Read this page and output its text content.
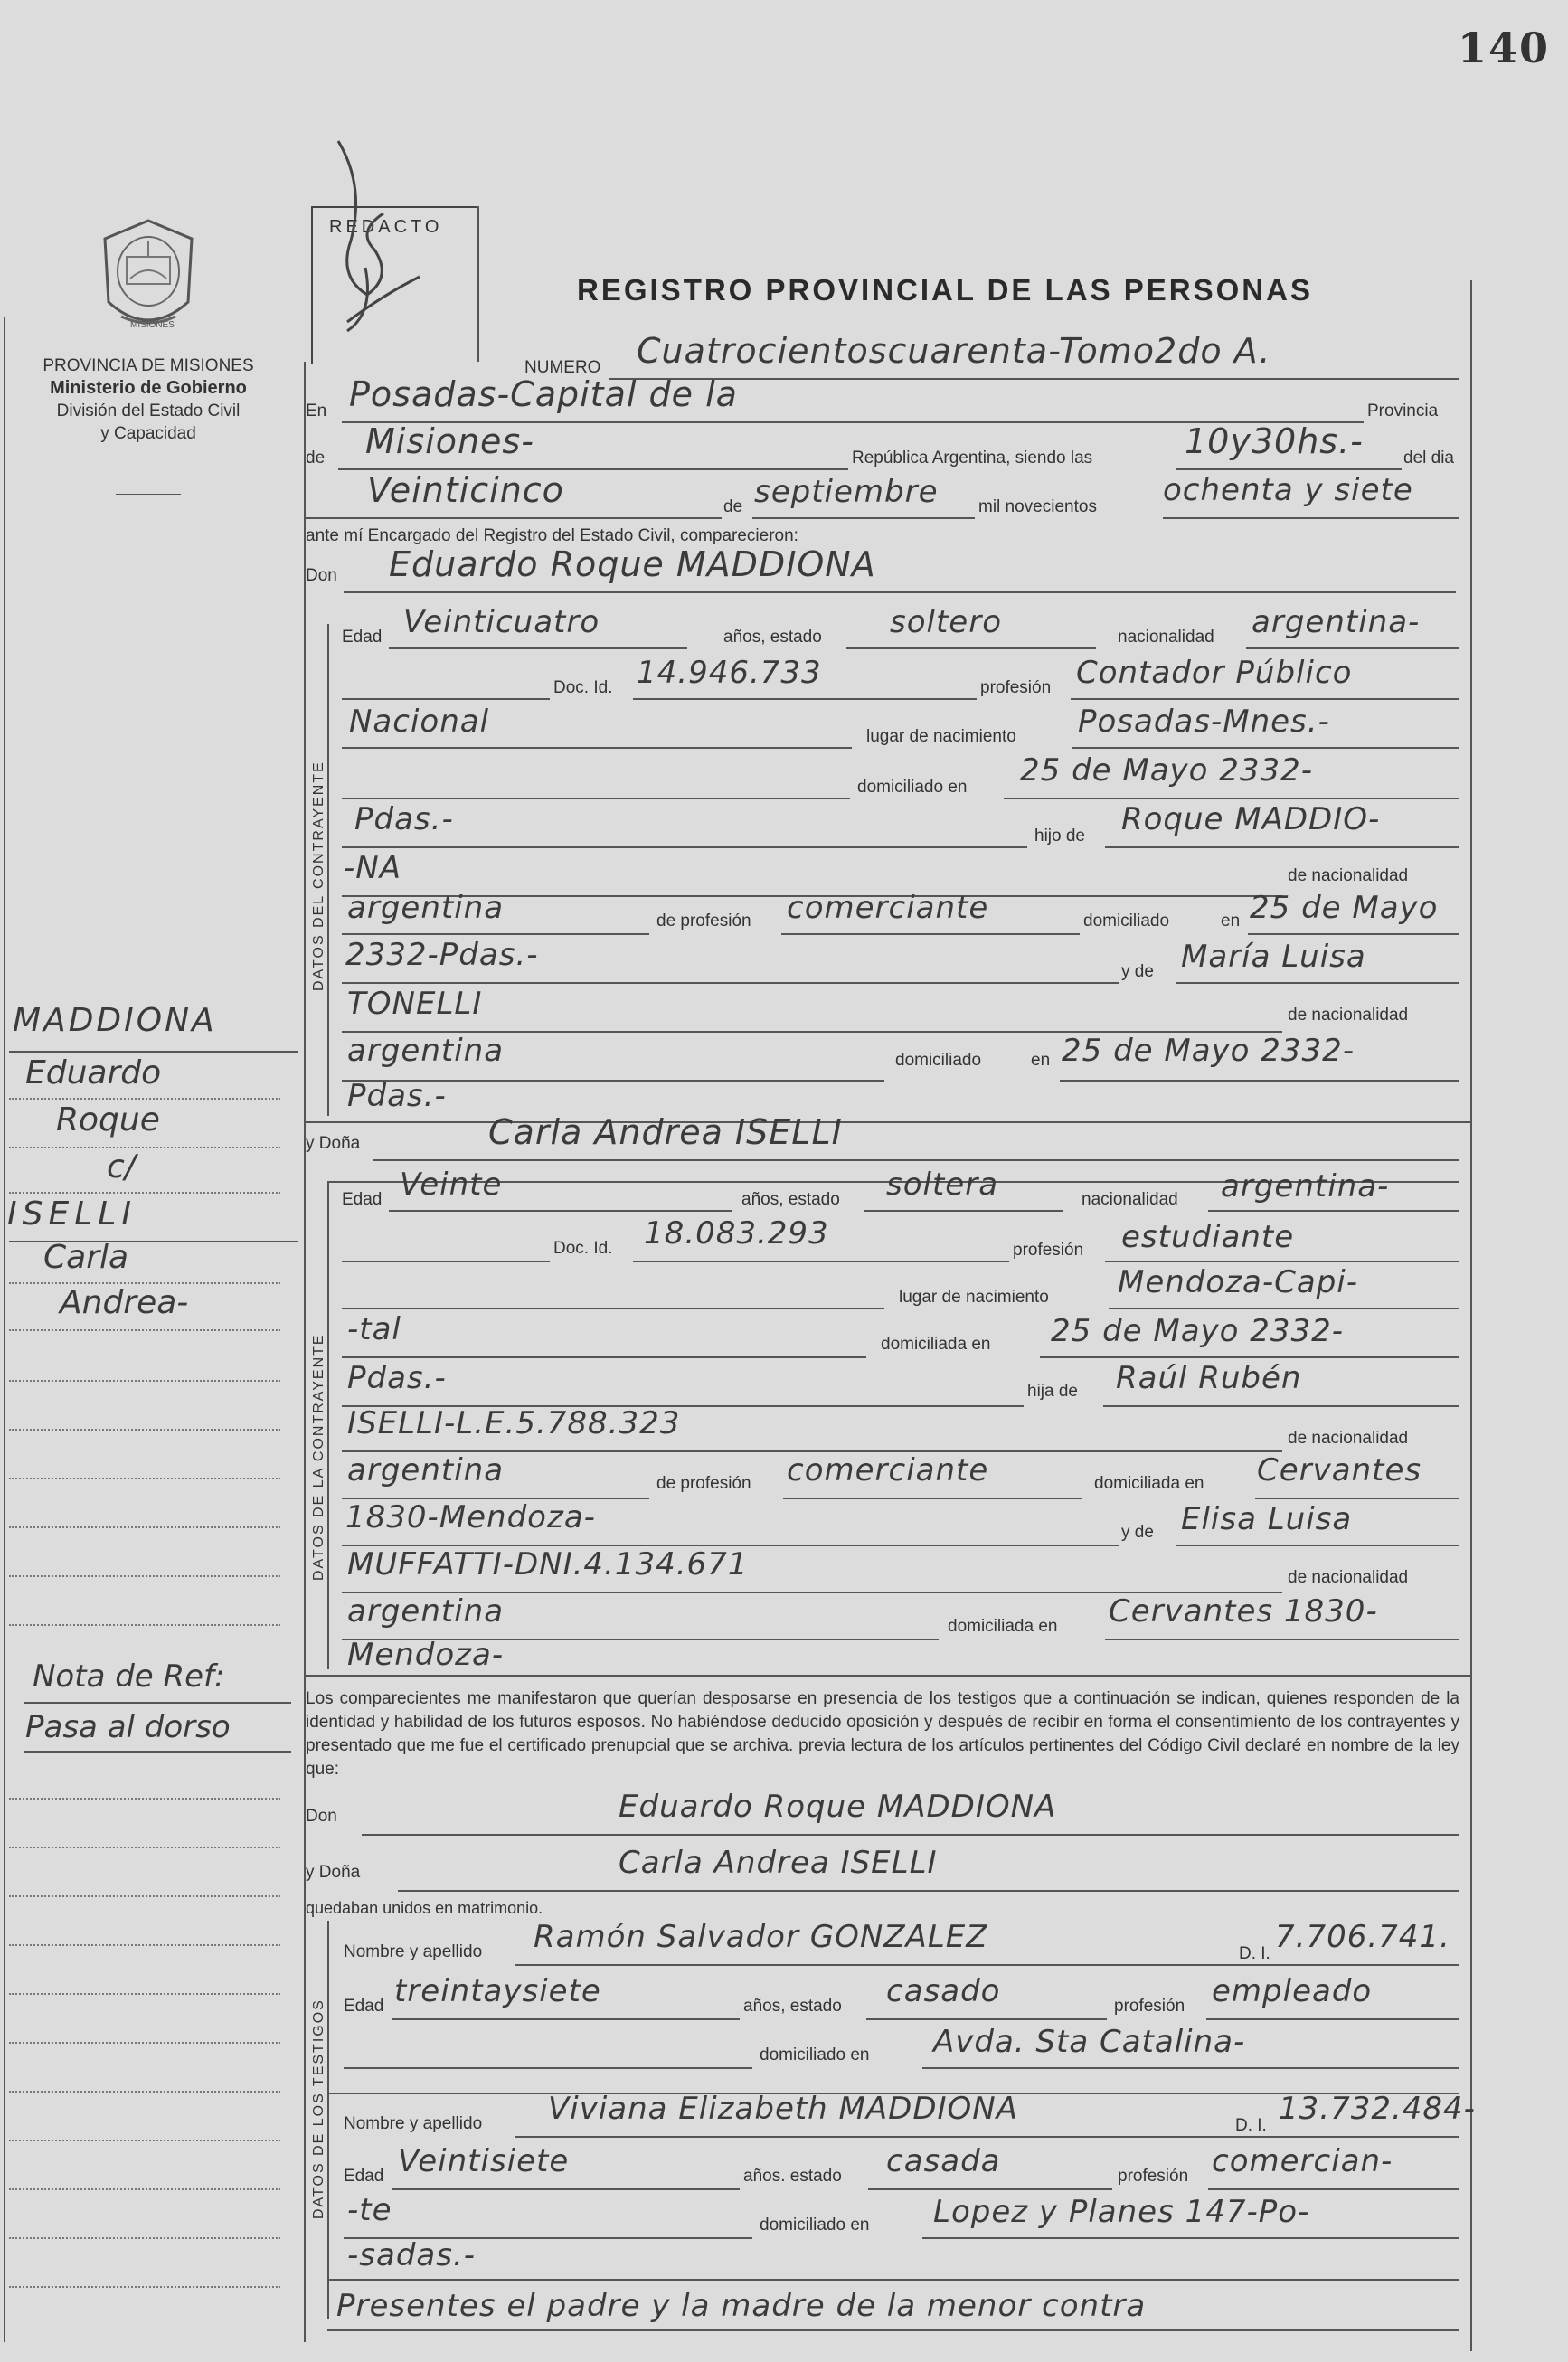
140
MISIONES
PROVINCIA DE MISIONES
Ministerio de Gobierno
División del Estado Civil
y Capacidad
REDACTO
REGISTRO PROVINCIAL DE LAS PERSONAS
NUMERO Cuatrocientoscuarenta-Tomo2do A.
En Posadas-Capital de la	Provincia
de Misiones-	República Argentina, siendo las	10y30hs.- del dia
Veinticinco	de septiembre mil novecientos ochenta y siete
ante mí Encargado del Registro del Estado Civil, comparecieron:
Don Eduardo Roque MADDIONA
DATOS DEL CONTRAYENTE
Edad Veinticuatro	años, estado soltero	nacionalidad argentina-
Doc. Id. 14.946.733	profesión Contador Público
Nacional	lugar de nacimiento Posadas-Mnes.-
domiciliado en 25 de Mayo 2332-
Pdas.-	hijo de Roque MADDIO-
-NA	de nacionalidad
argentina	de profesión comerciante	domiciliado	en 25 de Mayo
2332-Pdas.-	y de María Luisa
TONELLI	de nacionalidad
argentina	domiciliado	en 25 de Mayo 2332-
Pdas.-
y Doña	Carla Andrea ISELLI
DATOS DE LA CONTRAYENTE
Edad Veinte	años, estado soltera	nacionalidad argentina-
Doc. Id. 18.083.293	profesión estudiante
lugar de nacimiento Mendoza-Capi-
-tal	domiciliada en 25 de Mayo 2332-
Pdas.-	hija de Raúl Rubén
ISELLI-L.E.5.788.323	de nacionalidad
argentina	de profesión comerciante	domiciliada en Cervantes
1830-Mendoza-	y de Elisa Luisa
MUFFATTI-DNI.4.134.671	de nacionalidad
argentina	domiciliada en Cervantes 1830-
Mendoza-
Los comparecientes me manifestaron que querían desposarse en presencia de los testigos que a continuación se indican, quienes responden de la identidad y habilidad de los futuros esposos. No habiéndose deducido oposición y después de recibir en forma el consentimiento de los contrayentes y presentado que me fue el certificado prenupcial que se archiva. previa lectura de los artículos pertinentes del Código Civil declaré en nombre de la ley que:
Don	Eduardo Roque MADDIONA
y Doña	Carla Andrea ISELLI
quedaban unidos en matrimonio.
DATOS DE LOS TESTIGOS
Nombre y apellido Ramón Salvador GONZALEZ	D. I. 7.706.741.
Edad treintaysiete	años, estado casado	profesión empleado
domiciliado en Avda. Sta Catalina-
Nombre y apellido Viviana Elizabeth MADDIONA	D. I. 13.732.484-
Edad Veintisiete	años. estado casada	profesión comercian-
-te	domiciliado en Lopez y Planes 147-Po-
-sadas.-
Presentes el padre y la madre de la menor contra
MADDIONA
Eduardo
Roque
c/
ISELLI
Carla
Andrea-
Nota de Ref:
Pasa al dorso
